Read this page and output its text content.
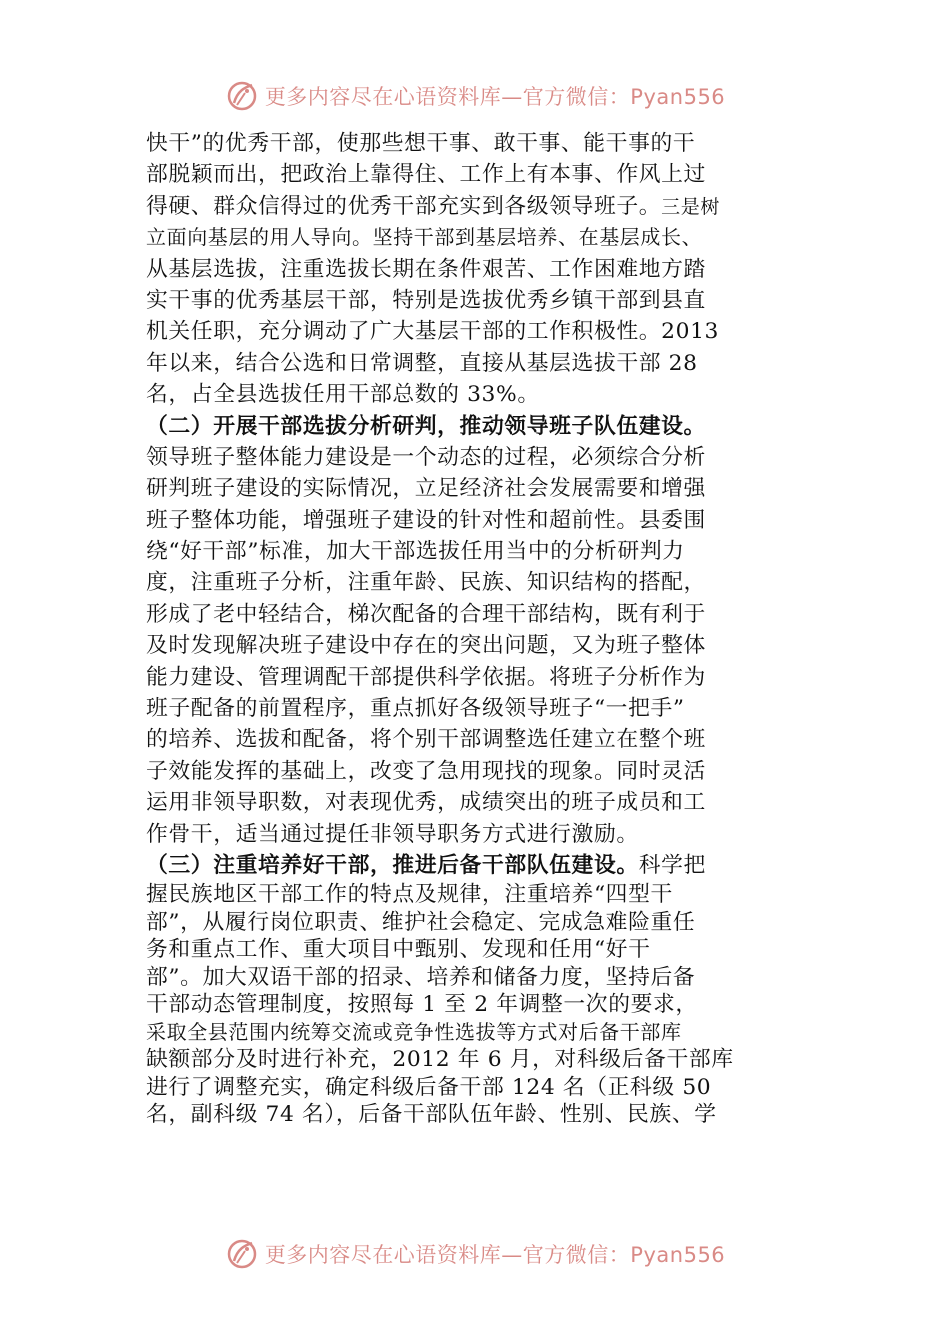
更多内容尽在心语资料库—官方微信：Pyan556
快干”的优秀干部，使那些想干事、敢干事、能干事的干
部脱颖而出，把政治上靠得住、工作上有本事、作风上过
得硬、群众信得过的优秀干部充实到各级领导班子。三是树
立面向基层的用人导向。坚持干部到基层培养、在基层成长、
从基层选拔，注重选拔长期在条件艰苦、工作困难地方踏
实干事的优秀基层干部，特别是选拔优秀乡镇干部到县直
机关任职，充分调动了广大基层干部的工作积极性。2013
年以来，结合公选和日常调整，直接从基层选拔干部 28
名，占全县选拔任用干部总数的 33%。
（二）开展干部选拔分析研判，推动领导班子队伍建设。
领导班子整体能力建设是一个动态的过程，必须综合分析
研判班子建设的实际情况，立足经济社会发展需要和增强
班子整体功能，增强班子建设的针对性和超前性。县委围
绕“好干部”标准，加大干部选拔任用当中的分析研判力
度，注重班子分析，注重年龄、民族、知识结构的搭配，
形成了老中轻结合，梯次配备的合理干部结构，既有利于
及时发现解决班子建设中存在的突出问题，又为班子整体
能力建设、管理调配干部提供科学依据。将班子分析作为
班子配备的前置程序，重点抓好各级领导班子“一把手”
的培养、选拔和配备，将个别干部调整选任建立在整个班
子效能发挥的基础上，改变了急用现找的现象。同时灵活
运用非领导职数，对表现优秀，成绩突出的班子成员和工
作骨干，适当通过提任非领导职务方式进行激励。
（三）注重培养好干部，推进后备干部队伍建设。科学把
握民族地区干部工作的特点及规律，注重培养“四型干
部”，从履行岗位职责、维护社会稳定、完成急难险重任
务和重点工作、重大项目中甄别、发现和任用“好干
部”。加大双语干部的招录、培养和储备力度，坚持后备
干部动态管理制度，按照每 1 至 2 年调整一次的要求，
采取全县范围内统筹交流或竞争性选拔等方式对后备干部库
缺额部分及时进行补充，2012 年 6 月，对科级后备干部库
进行了调整充实，确定科级后备干部 124 名（正科级 50
名，副科级 74 名），后备干部队伍年龄、性别、民族、学
更多内容尽在心语资料库—官方微信：Pyan556
